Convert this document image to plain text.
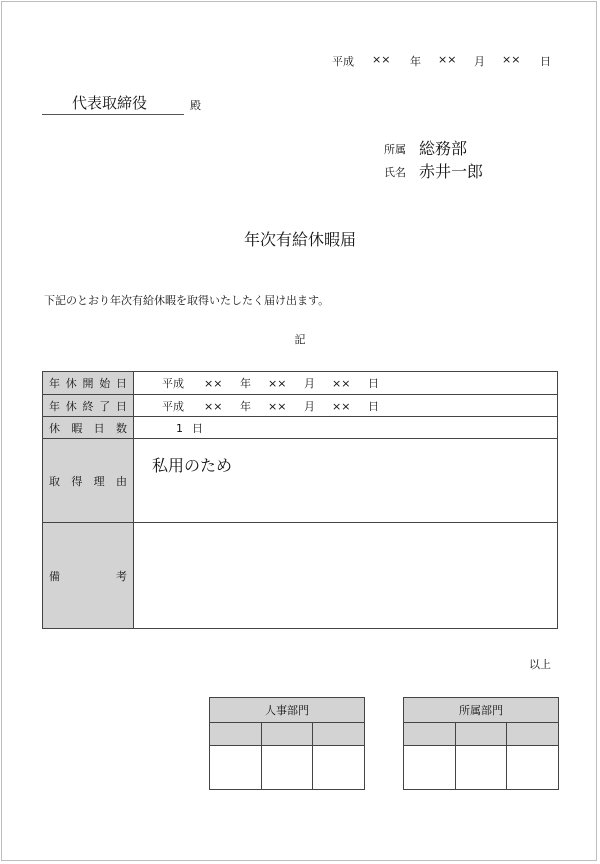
平成 ×× 年 ×× 月 ×× 日
代表取締役	殿
所属 総務部
氏名 赤井一郎
年次有給休暇届
下記のとおり年次有給休暇を取得いたしたく届け出ます。
記
年 休 開 始 日	平成 ×× 年 ×× 月 ×× 日

年 休 終 了 日	平成 ×× 年 ×× 月 ×× 日

休 暇 日 数	1 日

取 得 理 由	私用のため

備 考	

以上
人事部門		

			所属部門		
